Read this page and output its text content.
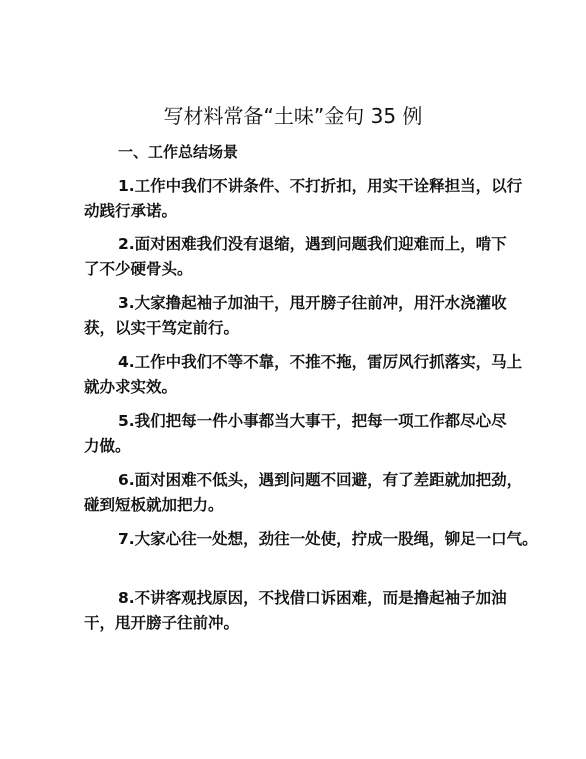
写材料常备“土味”金句 35 例
一、工作总结场景
1.工作中我们不讲条件、不打折扣，用实干诠释担当，以行
动践行承诺。
2.面对困难我们没有退缩，遇到问题我们迎难而上，啃下
了不少硬骨头。
3.大家撸起袖子加油干，甩开膀子往前冲，用汗水浇灌收
获，以实干笃定前行。
4.工作中我们不等不靠，不推不拖，雷厉风行抓落实，马上
就办求实效。
5.我们把每一件小事都当大事干，把每一项工作都尽心尽
力做。
6.面对困难不低头，遇到问题不回避，有了差距就加把劲，
碰到短板就加把力。
7.大家心往一处想，劲往一处使，拧成一股绳，铆足一口气。
8.不讲客观找原因，不找借口诉困难，而是撸起袖子加油
干，甩开膀子往前冲。
